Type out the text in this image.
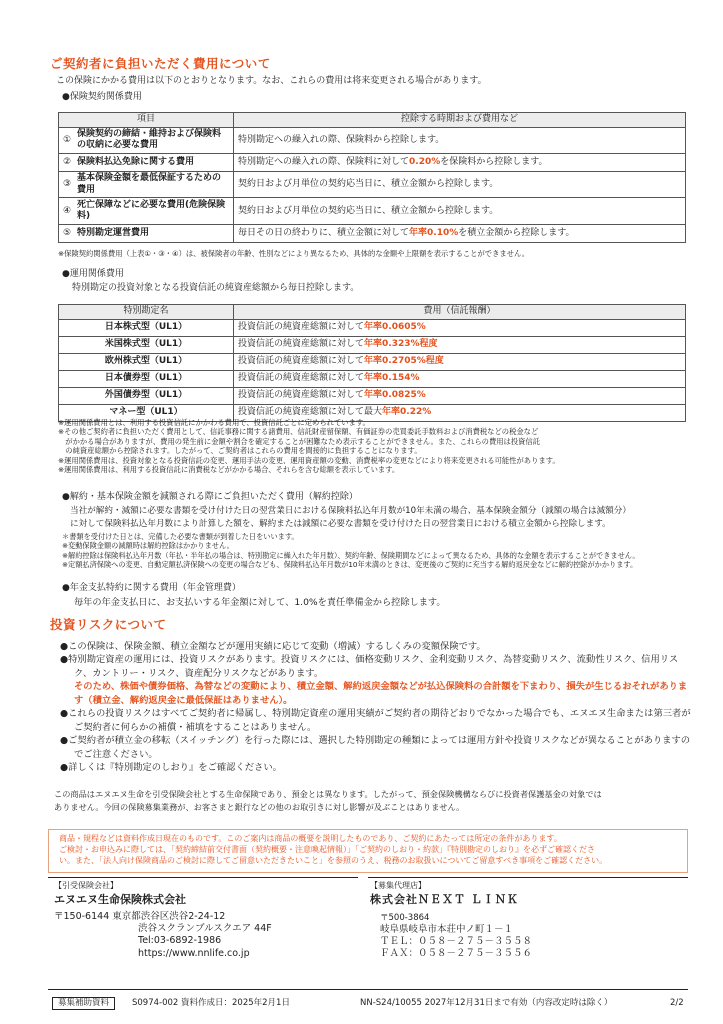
ご契約者に負担いただく費用について
この保険にかかる費用は以下のとおりとなります。なお、これらの費用は将来変更される場合があります。
●保険契約関係費用
項目	控除する時期および費用など

①
保険契約の締結・維持および保険料の収納に必要な費用	特別勘定への繰入れの際、保険料から控除します。

② 保険料払込免除に関する費用	特別勘定への繰入れの際、保険料に対して0.20%を保険料から控除します。

③
基本保険金額を最低保証するための費用	契約日および月単位の契約応当日に、積立金額から控除します。

④
死亡保障などに必要な費用(危険保険料)	契約日および月単位の契約応当日に、積立金額から控除します。

⑤ 特別勘定運営費用	毎日その日の終わりに、積立金額に対して年率0.10%を積立金額から控除します。
※保険契約関係費用（上表①・③・④）は、被保険者の年齢、性別などにより異なるため、具体的な金額や上限額を表示することができません。
●運用関係費用
特別勘定の投資対象となる投資信託の純資産総額から毎日控除します。
特別勘定名	費用（信託報酬）
日本株式型（UL1）	投資信託の純資産総額に対して年率0.0605%
米国株式型（UL1）	投資信託の純資産総額に対して年率0.323%程度
欧州株式型（UL1）	投資信託の純資産総額に対して年率0.2705%程度
日本債券型（UL1）	投資信託の純資産総額に対して年率0.154%
外国債券型（UL1）	投資信託の純資産総額に対して年率0.0825%
マネー型（UL1）	投資信託の純資産総額に対して最大年率0.22%
※運用関係費用とは、利用する投資信託にかかわる費用で、投資信託ごとに定められています。
※その他ご契約者に負担いただく費用として、信託事務に関する諸費用、信託財産留保額、有価証券の売買委託手数料および消費税などの税金など
　がかかる場合がありますが、費用の発生前に金額や割合を確定することが困難なため表示することができません。また、これらの費用は投資信託
　の純資産総額から控除されます。したがって、ご契約者はこれらの費用を間接的に負担することになります。
※運用関係費用は、投資対象となる投資信託の変更、運用手法の変更、運用資産額の変動、消費税率の変更などにより将来変更される可能性があります。
※運用関係費用は、利用する投資信託に消費税などがかかる場合、それらを含む総額を表示しています。
●解約・基本保険金額を減額される際にご負担いただく費用（解約控除）
当社が解約・減額に必要な書類を受け付けた日の翌営業日における保険料払込年月数が10年未満の場合、基本保険金額分（減額の場合は減額分）
に対して保険料払込年月数により計算した額を、解約または減額に必要な書類を受け付けた日の翌営業日における積立金額から控除します。
＊書類を受付けた日とは、完備した必要な書類が到着した日をいいます。
※変動保険金額の減額時は解約控除はかかりません。
※解約控除は保険料払込年月数（年払・半年払の場合は、特別勘定に繰入れた年月数）、契約年齢、保険期間などによって異なるため、具体的な金額を表示することができません。
※定額払済保険への変更、自動定額払済保険への変更の場合なども、保険料払込年月数が10年未満のときは、変更後のご契約に充当する解約返戻金などに解約控除がかかります。
●年金支払特約に関する費用（年金管理費）
毎年の年金支払日に、お支払いする年金額に対して、1.0%を責任準備金から控除します。
投資リスクについて
●この保険は、保険金額、積立金額などが運用実績に応じて変動（増減）するしくみの変額保険です。
●特別勘定資産の運用には、投資リスクがあります。投資リスクには、価格変動リスク、金利変動リスク、為替変動リスク、流動性リスク、信用リスク、カントリー・リスク、資産配分リスクなどがあります。
そのため、株価や債券価格、為替などの変動により、積立金額、解約返戻金額などが払込保険料の合計額を下まわり、損失が生じるおそれがあります（積立金、解約返戻金に最低保証はありません）。
●これらの投資リスクはすべてご契約者に帰属し、特別勘定資産の運用実績がご契約者の期待どおりでなかった場合でも、エヌエヌ生命または第三者がご契約者に何らかの補償・補填をすることはありません。
●ご契約者が積立金の移転（スイッチング）を行った際には、選択した特別勘定の種類によっては運用方針や投資リスクなどが異なることがありますのでご注意ください。
●詳しくは『特別勘定のしおり』をご確認ください。
この商品はエヌエヌ生命を引受保険会社とする生命保険であり、預金とは異なります。したがって、預金保険機構ならびに投資者保護基金の対象では
ありません。今回の保険募集業務が、お客さまと銀行などの他のお取引きに対し影響が及ぶことはありません。
商品・規程などは資料作成日現在のものです。このご案内は商品の概要を説明したものであり、ご契約にあたっては所定の条件があります。
ご検討・お申込みに際しては、「契約締結前交付書面（契約概要・注意喚起情報）」「ご契約のしおり・約款」『特別勘定のしおり』を必ずご確認くださ
い。また、「法人向け保険商品のご検討に際してご留意いただきたいこと」を参照のうえ、税務のお取扱いについてご留意すべき事項をご確認ください。
【引受保険会社】
エヌエヌ生命保険株式会社
〒150-6144 東京都渋谷区渋谷2-24-12
渋谷スクランブルスクエア 44F
Tel:03-6892-1986
https://www.nnlife.co.jp
【募集代理店】
株式会社ＮＥＸＴ ＬＩＮＫ
〒500-3864
岐阜県岐阜市本荘中ノ町１－１
ＴＥＬ：０５８－２７５－３５５８
ＦＡＸ：０５８－２７５－３５５６
募集補助資料	S0974-002 資料作成日：2025年2月1日	NN-S24/10055 2027年12月31日まで有効（内容改定時は除く）	2/2
